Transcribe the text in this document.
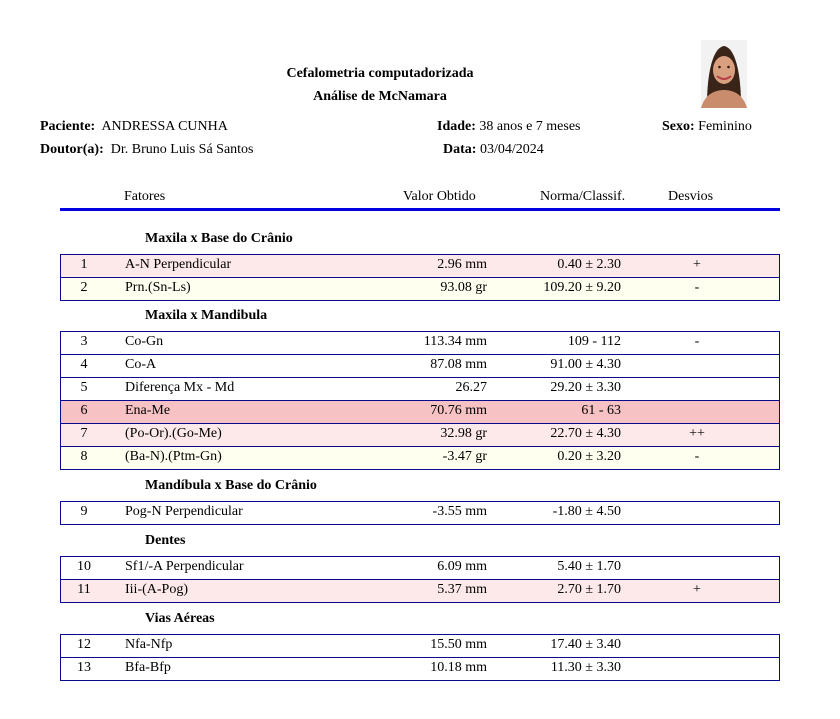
Cefalometria computadorizada
Análise de McNamara
Paciente: ANDRESSA CUNHA
Doutor(a): Dr. Bruno Luis Sá Santos
Idade: 38 anos e 7 meses
Data: 03/04/2024
Sexo: Feminino
Fatores	Valor Obtido	Norma/Classif.	Desvios
Maxila x Base do Crânio
1	A-N Perpendicular	2.96 mm	0.40 ± 2.30	+
2	Prn.(Sn-Ls)	93.08 gr	109.20 ± 9.20	-
Maxila x Mandibula
3	Co-Gn	113.34 mm	109 - 112	-
4	Co-A	87.08 mm	91.00 ± 4.30
5	Diferença Mx - Md	26.27	29.20 ± 3.30
6	Ena-Me	70.76 mm	61 - 63
7	(Po-Or).(Go-Me)	32.98 gr	22.70 ± 4.30	++
8	(Ba-N).(Ptm-Gn)	-3.47 gr	0.20 ± 3.20	-
Mandíbula x Base do Crânio
9	Pog-N Perpendicular	-3.55 mm	-1.80 ± 4.50
Dentes
10	Sf1/-A Perpendicular	6.09 mm	5.40 ± 1.70
11	Iii-(A-Pog)	5.37 mm	2.70 ± 1.70	+
Vias Aéreas
12	Nfa-Nfp	15.50 mm	17.40 ± 3.40
13	Bfa-Bfp	10.18 mm	11.30 ± 3.30
